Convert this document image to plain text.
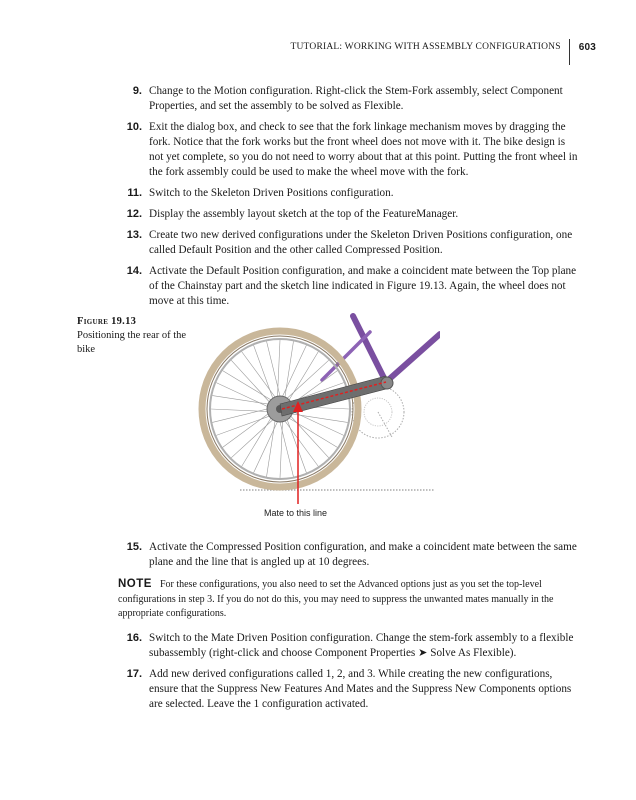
TUTORIAL: WORKING WITH ASSEMBLY CONFIGURATIONS 603
9. Change to the Motion configuration. Right-click the Stem-Fork assembly, select Component Properties, and set the assembly to be solved as Flexible.
10. Exit the dialog box, and check to see that the fork linkage mechanism moves by dragging the fork. Notice that the fork works but the front wheel does not move with it. The bike design is not yet complete, so you do not need to worry about that at this point. Putting the front wheel in the fork assembly could be used to make the wheel move with the fork.
11. Switch to the Skeleton Driven Positions configuration.
12. Display the assembly layout sketch at the top of the FeatureManager.
13. Create two new derived configurations under the Skeleton Driven Positions configuration, one called Default Position and the other called Compressed Position.
14. Activate the Default Position configuration, and make a coincident mate between the Top plane of the Chainstay part and the sketch line indicated in Figure 19.13. Again, the wheel does not move at this time.
Figure 19.13
Positioning the rear of the bike
Mate to this line
15. Activate the Compressed Position configuration, and make a coincident mate between the same plane and the line that is angled up at 10 degrees.
NOTE For these configurations, you also need to set the Advanced options just as you set the top-level configurations in step 3. If you do not do this, you may need to suppress the unwanted mates manually in the appropriate configurations.
16. Switch to the Mate Driven Position configuration. Change the stem-fork assembly to a flexible subassembly (right-click and choose Component Properties ➤ Solve As Flexible).
17. Add new derived configurations called 1, 2, and 3. While creating the new configurations, ensure that the Suppress New Features And Mates and the Suppress New Components options are selected. Leave the 1 configuration activated.
